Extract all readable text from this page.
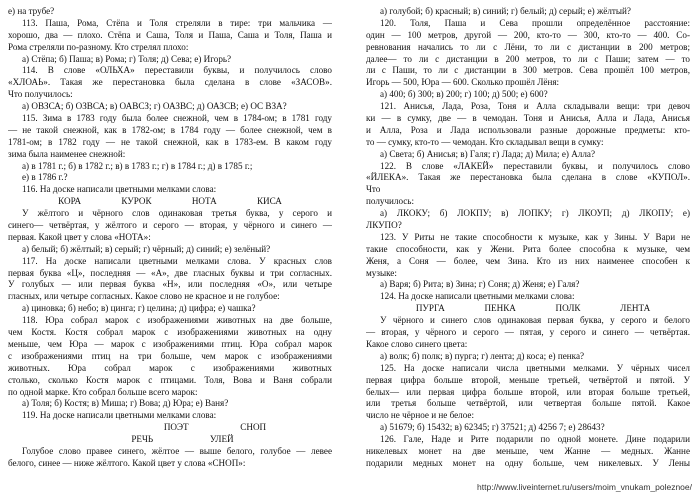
е) на трубе?
113. Паша, Рома, Стёпа и Толя стреляли в тире: три мальчика —
хорошо, два — плохо. Стёпа и Саша, Толя и Паша, Саша и Толя, Паша и
Рома стреляли по-разному. Кто стрелял плохо:
а) Стёпа; б) Паша; в) Рома; г) Толя; д) Сева; е) Игорь?
114. В слове «ОЛЬХА» переставили буквы, и получилось слово
«ХЛОАЬ». Такая же перестановка была сделана в слове «ЗАСОВ».
Что получилось:
а) ОВЗСА; б) ОЗВСА; в) ОАВСЗ; г) ОАЗВС; д) ОАЗСВ; е) ОС ВЗА?
115. Зима в 1783 году была более снежной, чем в 1784-ом; в 1781 году
— не такой снежной, как в 1782-ом; в 1784 году — более снежной, чем в
1781-ом; в 1782 году — не такой снежной, как в 1783-ем. В каком году
зима была наименее снежной:
а) в 1781 г.; б) в 1782 г.; в) в 1783 г.; г) в 1784 г.; д) в 1785 г.;
е) в 1786 г.?
116. На доске написали цветными мелками слова:
КОРА	КУРОК	НОТА	КИСА
У жёлтого и чёрного слов одинаковая третья буква, у серого и
синего— четвёртая, у жёлтого и серого — вторая, у чёрного и синего —
первая. Какой цвет у слова «НОТА»:
а) белый; б) жёлтый; в) серый; г) чёрный; д) синий; е) зелёный?
117. На доске написали цветными мелками слова. У красных слов
первая буква «Ц», последняя — «А», две гласных буквы и три согласных.
У голубых — или первая буква «Н», или последняя «О», или четыре
гласных, или четыре согласных. Какое слово не красное и не голубое:
а) циновка; б) небо; в) цинга; г) целина; д) цифра; е) чашка?
118. Юра собрал марок с изображениями животных на две больше,
чем Костя. Костя собрал марок с изображениями животных на одну
меньше, чем Юра — марок с изображениями птиц. Юра собрал марок
с изображениями птиц на три больше, чем марок с изображениями
животных. Юра собрал марок с изображениями животных
столько, сколько Костя марок с птицами. Толя, Вова и Ваня собрали
по одной марке. Кто собрал больше всего марок:
а) Толя; б) Костя; в) Миша; г) Вова; д) Юра; е) Ваня?
119. На доске написали цветными мелками слова:
ПОЭТ	СНОП
РЕЧЬ	УЛЕЙ
Голубое слово правее синего, жёлтое — выше белого, голубое — левее
белого, синее — ниже жёлтого. Какой цвет у слова «СНОП»:
а) голубой; б) красный; в) синий; г) белый; д) серый; е) жёлтый?
120. Толя, Паша и Сева прошли определённое расстояние:
один — 100 метров, другой — 200, кто-то — 300, кто-то — 400. Со-
ревнования начались то ли с Лёни, то ли с дистанции в 200 метров;
далее— то ли с дистанции в 200 метров, то ли с Паши; затем — то
ли с Паши, то ли с дистанции в 300 метров. Сева прошёл 100 метров,
Игорь — 500, Юра — 600. Сколько прошёл Лёня:
а) 400; б) 300; в) 200; г) 100; д) 500; е) 600?
121. Анисья, Лада, Роза, Тоня и Алла складывали вещи: три девоч
ки — в сумку, две — в чемодан. Тоня и Анисья, Алла и Лада, Анисья
и Алла, Роза и Лада использовали разные дорожные предметы: кто-
то — сумку, кто-то — чемодан. Кто складывал вещи в сумку:
а) Света; б) Анисья; в) Галя; г) Лада; д) Мила; е) Алла?
122. В слове «ЛАКЕЙ» переставили буквы, и получилось слово
«ЙЛЕКА». Такая же перестановка была сделана в слове «КУПОЛ».
Что
получилось:
а) ЛКОКУ; б) ЛОКПУ; в) ЛОПКУ; г) ЛКОУП; д) ЛКОПУ; е)
ЛКУПО?
123. У Риты не такие способности к музыке, как у Зины. У Вари не
такие способности, как у Жени. Рита более способна к музыке, чем
Женя, а Соня — более, чем Зина. Кто из них наименее способен к
музыке:
а) Варя; б) Рита; в) Зина; г) Соня; д) Женя; е) Галя?
124. На доске написали цветными мелками слова:
ПУРГА	ПЕНКА	ПОЛК	ЛЕНТА
У чёрного и синего слов одинаковая первая буква, у серого и белого
— вторая, у чёрного и серого — пятая, у серого и синего — четвёртая.
Какое слово синего цвета:
а) волк; б) полк; в) пурга; г) лента; д) коса; е) пенка?
125. На доске написали числа цветными мелками. У чёрных чисел
первая цифра больше второй, меньше третьей, четвёртой и пятой. У
белых— или первая цифра больше второй, или вторая больше третьей,
или третья больше четвёртой, или четвертая больше пятой. Какое
число не чёрное и не белое:
а) 51679; б) 15432; в) 62345; г) 37521; д) 4256 7; е) 28643?
126. Гале, Наде и Рите подарили по одной монете. Дине подарили
никелевых монет на две меньше, чем Жанне — медных. Жанне
подарили медных монет на одну больше, чем никелевых. У Лены
http://www.liveinternet.ru/users/moim_vnukam_poleznoe/
